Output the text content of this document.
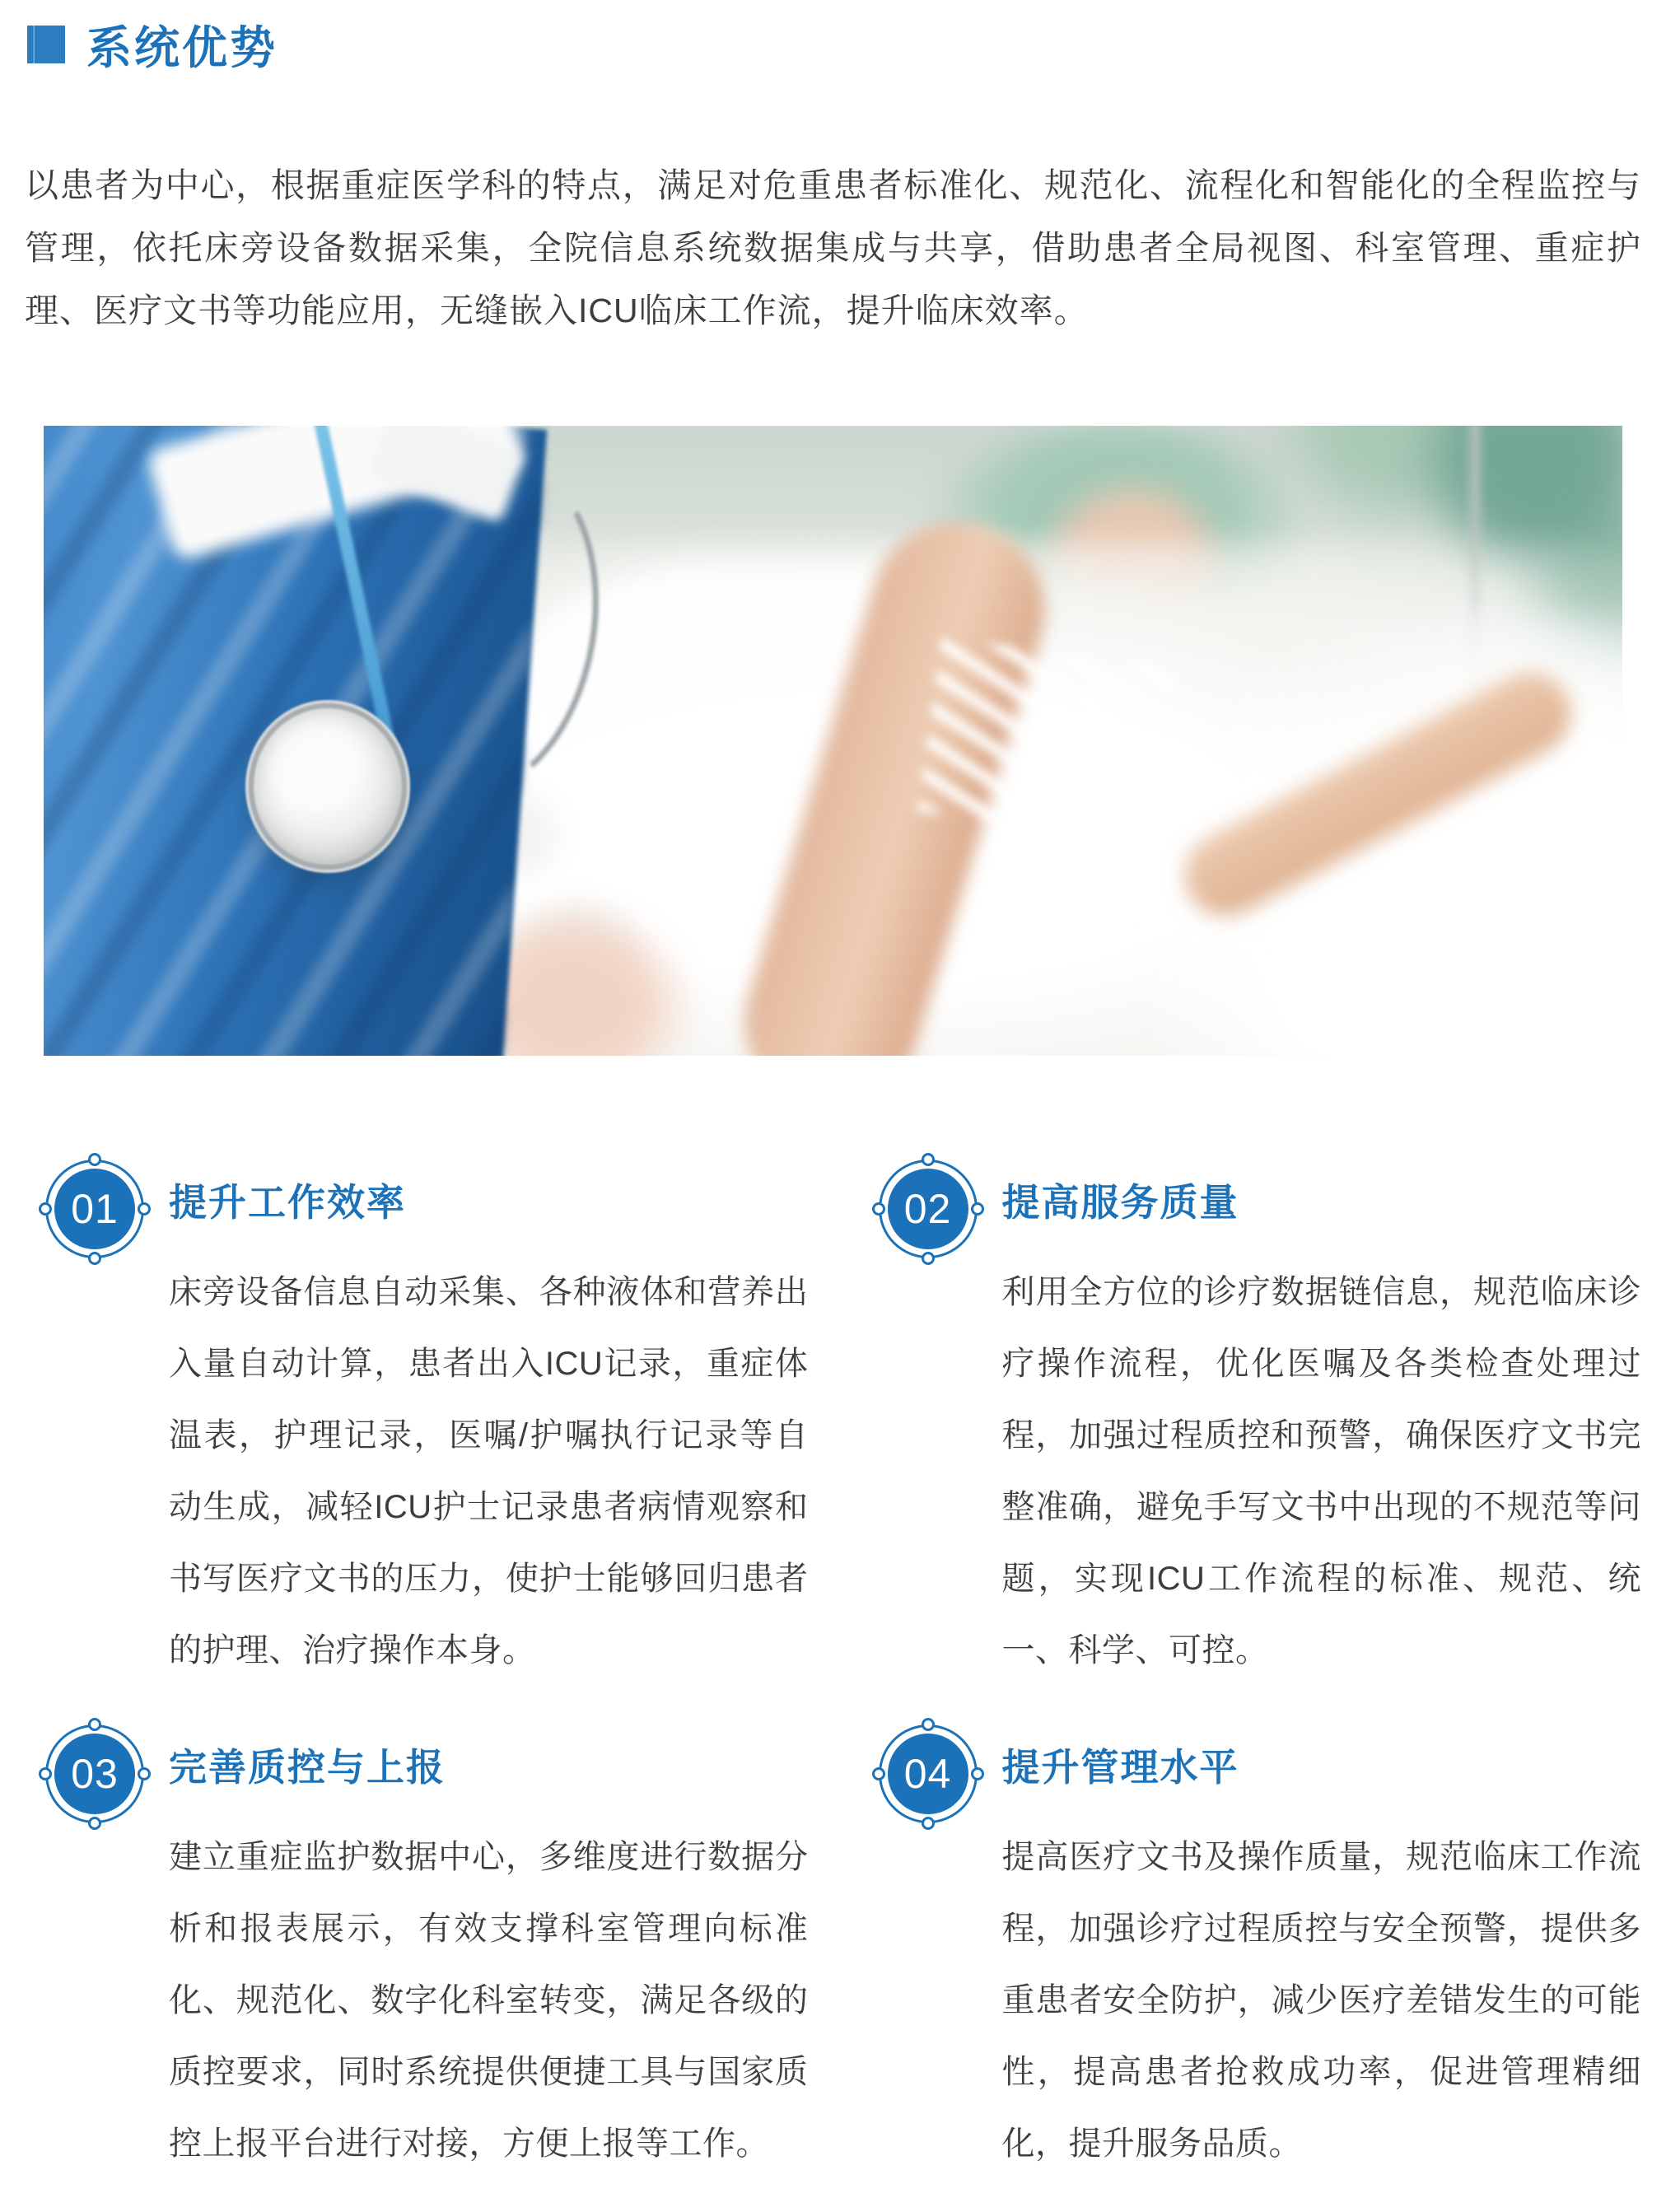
系统优势

以患者为中心，根据重症医学科的特点，满足对危重患者标准化、规范化、流程化和智能化的全程监控与管理，依托床旁设备数据采集，全院信息系统数据集成与共享，借助患者全局视图、科室管理、重症护理、医疗文书等功能应用，无缝嵌入ICU临床工作流，提升临床效率。

01	提升工作效率

床旁设备信息自动采集、各种液体和营养出入量自动计算，患者出入ICU记录，重症体温表，护理记录，医嘱/护嘱执行记录等自动生成，减轻ICU护士记录患者病情观察和书写医疗文书的压力，使护士能够回归患者的护理、治疗操作本身。

02	提高服务质量

利用全方位的诊疗数据链信息，规范临床诊疗操作流程，优化医嘱及各类检查处理过程，加强过程质控和预警，确保医疗文书完整准确，避免手写文书中出现的不规范等问题，实现ICU工作流程的标准、规范、统一、科学、可控。

03	完善质控与上报

建立重症监护数据中心，多维度进行数据分析和报表展示，有效支撑科室管理向标准化、规范化、数字化科室转变，满足各级的质控要求，同时系统提供便捷工具与国家质控上报平台进行对接，方便上报等工作。

04	提升管理水平

提高医疗文书及操作质量，规范临床工作流程，加强诊疗过程质控与安全预警，提供多重患者安全防护，减少医疗差错发生的可能性，提高患者抢救成功率，促进管理精细化，提升服务品质。
